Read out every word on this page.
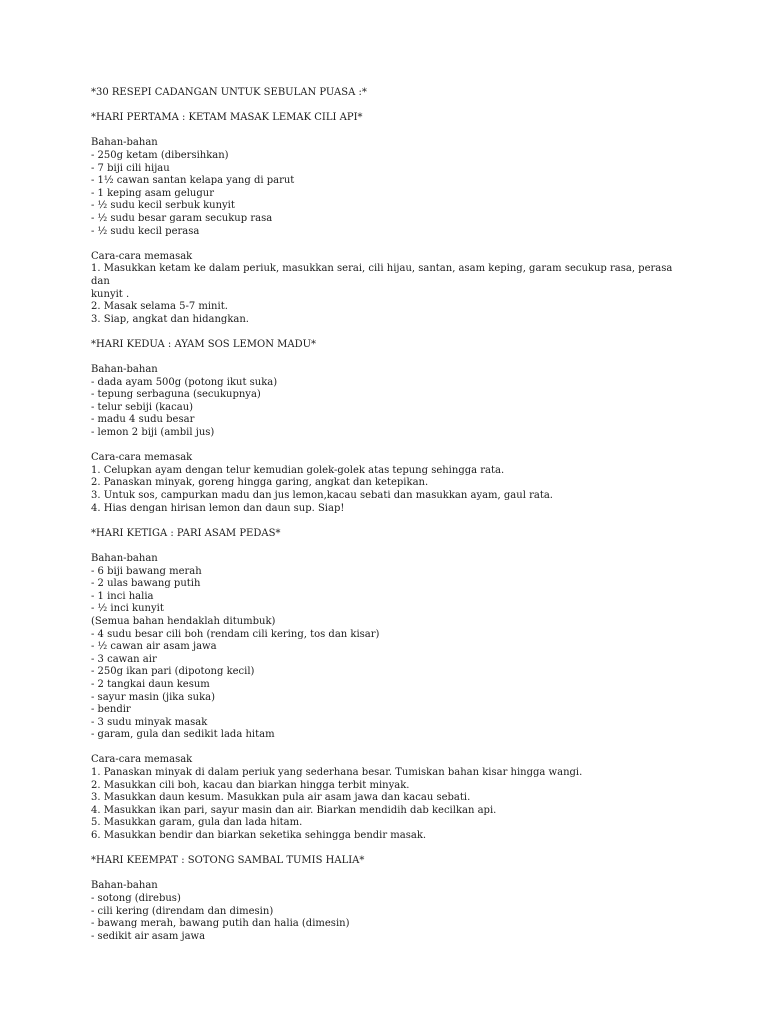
*30 RESEPI CADANGAN UNTUK SEBULAN PUASA :*

*HARI PERTAMA : KETAM MASAK LEMAK CILI API*

Bahan-bahan

- 250g ketam (dibersihkan)

- 7 biji cili hijau

- 1½ cawan santan kelapa yang di parut

- 1 keping asam gelugur

- ½ sudu kecil serbuk kunyit

- ½ sudu besar garam secukup rasa

- ½ sudu kecil perasa

Cara-cara memasak

1. Masukkan ketam ke dalam periuk, masukkan serai, cili hijau, santan, asam keping, garam secukup rasa, perasa dan

kunyit .

2. Masak selama 5-7 minit.

3. Siap, angkat dan hidangkan.

*HARI KEDUA : AYAM SOS LEMON MADU*

Bahan-bahan

- dada ayam 500g (potong ikut suka)

- tepung serbaguna (secukupnya)

- telur sebiji (kacau)

- madu 4 sudu besar

- lemon 2 biji (ambil jus)

Cara-cara memasak

1. Celupkan ayam dengan telur kemudian golek-golek atas tepung sehingga rata.

2. Panaskan minyak, goreng hingga garing, angkat dan ketepikan.

3. Untuk sos, campurkan madu dan jus lemon,kacau sebati dan masukkan ayam, gaul rata.

4. Hias dengan hirisan lemon dan daun sup. Siap!

*HARI KETIGA : PARI ASAM PEDAS*

Bahan-bahan

- 6 biji bawang merah

- 2 ulas bawang putih

- 1 inci halia

- ½ inci kunyit

(Semua bahan hendaklah ditumbuk)

- 4 sudu besar cili boh (rendam cili kering, tos dan kisar)

- ½ cawan air asam jawa

- 3 cawan air

- 250g ikan pari (dipotong kecil)

- 2 tangkai daun kesum

- sayur masin (jika suka)

- bendir

- 3 sudu minyak masak

- garam, gula dan sedikit lada hitam

Cara-cara memasak

1. Panaskan minyak di dalam periuk yang sederhana besar. Tumiskan bahan kisar hingga wangi.

2. Masukkan cili boh, kacau dan biarkan hingga terbit minyak.

3. Masukkan daun kesum. Masukkan pula air asam jawa dan kacau sebati.

4. Masukkan ikan pari, sayur masin dan air. Biarkan mendidih dab kecilkan api.

5. Masukkan garam, gula dan lada hitam.

6. Masukkan bendir dan biarkan seketika sehingga bendir masak.

*HARI KEEMPAT : SOTONG SAMBAL TUMIS HALIA*

Bahan-bahan

- sotong (direbus)

- cili kering (direndam dan dimesin)

- bawang merah, bawang putih dan halia (dimesin)

- sedikit air asam jawa
